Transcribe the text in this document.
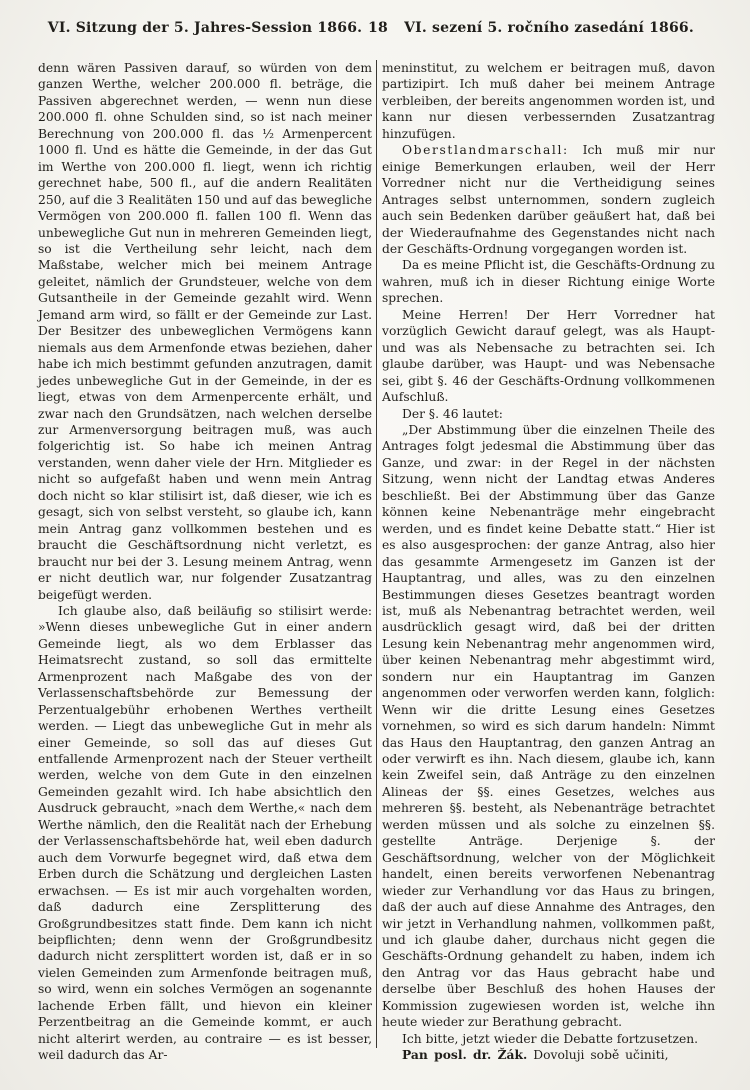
VI. Sitzung der 5. Jahres-Session 1866. 18	VI. sezení 5. ročního zasedání 1866.

denn wären Passiven darauf, so würden von dem ganzen Werthe, welcher 200.000 fl. beträge, die Passiven abgerechnet werden, — wenn nun diese 200.000 fl. ohne Schulden sind, so ist nach meiner Berechnung von 200.000 fl. das ½ Armenpercent 1000 fl. Und es hätte die Gemeinde, in der das Gut im Werthe von 200.000 fl. liegt, wenn ich richtig gerechnet habe, 500 fl., auf die andern Realitäten 250, auf die 3 Realitäten 150 und auf das bewegliche Vermögen von 200.000 fl. fallen 100 fl. Wenn das unbewegliche Gut nun in mehreren Gemeinden liegt, so ist die Vertheilung sehr leicht, nach dem Maßstabe, welcher mich bei meinem Antrage geleitet, nämlich der Grundsteuer, welche von dem Gutsantheile in der Gemeinde gezahlt wird. Wenn Jemand arm wird, so fällt er der Gemeinde zur Last. Der Besitzer des unbeweglichen Vermögens kann niemals aus dem Armenfonde etwas beziehen, daher habe ich mich bestimmt gefunden anzutragen, damit jedes unbewegliche Gut in der Gemeinde, in der es liegt, etwas von dem Armenpercente erhält, und zwar nach den Grundsätzen, nach welchen derselbe zur Armenversorgung beitragen muß, was auch folgerichtig ist. So habe ich meinen Antrag verstanden, wenn daher viele der Hrn. Mitglieder es nicht so aufgefaßt haben und wenn mein Antrag doch nicht so klar stilisirt ist, daß dieser, wie ich es gesagt, sich von selbst versteht, so glaube ich, kann mein Antrag ganz vollkommen bestehen und es braucht die Geschäftsordnung nicht verletzt, es braucht nur bei der 3. Lesung meinem Antrag, wenn er nicht deutlich war, nur folgender Zusatzantrag beigefügt werden.

Ich glaube also, daß beiläufig so stilisirt werde: »Wenn dieses unbewegliche Gut in einer andern Gemeinde liegt, als wo dem Erblasser das Heimatsrecht zustand, so soll das ermittelte Armenprozent nach Maßgabe des von der Verlassenschaftsbehörde zur Bemessung der Perzentualgebühr erhobenen Werthes vertheilt werden. — Liegt das unbewegliche Gut in mehr als einer Gemeinde, so soll das auf dieses Gut entfallende Armenprozent nach der Steuer vertheilt werden, welche von dem Gute in den einzelnen Gemeinden gezahlt wird. Ich habe absichtlich den Ausdruck gebraucht, »nach dem Werthe,« nach dem Werthe nämlich, den die Realität nach der Erhebung der Verlassenschaftsbehörde hat, weil eben dadurch auch dem Vorwurfe begegnet wird, daß etwa dem Erben durch die Schätzung und dergleichen Lasten erwachsen. — Es ist mir auch vorgehalten worden, daß dadurch eine Zersplitterung des Großgrundbesitzes statt finde. Dem kann ich nicht beipflichten; denn wenn der Großgrundbesitz dadurch nicht zersplittert worden ist, daß er in so vielen Gemeinden zum Armenfonde beitragen muß, so wird, wenn ein solches Vermögen an sogenannte lachende Erben fällt, und hievon ein kleiner Perzentbeitrag an die Gemeinde kommt, er auch nicht alterirt werden, au contraire — es ist besser, weil dadurch das Ar-

meninstitut, zu welchem er beitragen muß, davon partizipirt. Ich muß daher bei meinem Antrage verbleiben, der bereits angenommen worden ist, und kann nur diesen verbessernden Zusatzantrag hinzufügen.

Oberstlandmarschall: Ich muß mir nur einige Bemerkungen erlauben, weil der Herr Vorredner nicht nur die Vertheidigung seines Antrages selbst unternommen, sondern zugleich auch sein Bedenken darüber geäußert hat, daß bei der Wiederaufnahme des Gegenstandes nicht nach der Geschäfts-Ordnung vorgegangen worden ist.

Da es meine Pflicht ist, die Geschäfts-Ordnung zu wahren, muß ich in dieser Richtung einige Worte sprechen.

Meine Herren! Der Herr Vorredner hat vorzüglich Gewicht darauf gelegt, was als Haupt- und was als Nebensache zu betrachten sei. Ich glaube darüber, was Haupt- und was Nebensache sei, gibt §. 46 der Geschäfts-Ordnung vollkommenen Aufschluß.

Der §. 46 lautet:

„Der Abstimmung über die einzelnen Theile des Antrages folgt jedesmal die Abstimmung über das Ganze, und zwar: in der Regel in der nächsten Sitzung, wenn nicht der Landtag etwas Anderes beschließt. Bei der Abstimmung über das Ganze können keine Nebenanträge mehr eingebracht werden, und es findet keine Debatte statt.“ Hier ist es also ausgesprochen: der ganze Antrag, also hier das gesammte Armengesetz im Ganzen ist der Hauptantrag, und alles, was zu den einzelnen Bestimmungen dieses Gesetzes beantragt worden ist, muß als Nebenantrag betrachtet werden, weil ausdrücklich gesagt wird, daß bei der dritten Lesung kein Nebenantrag mehr angenommen wird, über keinen Nebenantrag mehr abgestimmt wird, sondern nur ein Hauptantrag im Ganzen angenommen oder verworfen werden kann, folglich: Wenn wir die dritte Lesung eines Gesetzes vornehmen, so wird es sich darum handeln: Nimmt das Haus den Hauptantrag, den ganzen Antrag an oder verwirft es ihn. Nach diesem, glaube ich, kann kein Zweifel sein, daß Anträge zu den einzelnen Alineas der §§. eines Gesetzes, welches aus mehreren §§. besteht, als Nebenanträge betrachtet werden müssen und als solche zu einzelnen §§. gestellte Anträge. Derjenige §. der Geschäftsordnung, welcher von der Möglichkeit handelt, einen bereits verworfenen Nebenantrag wieder zur Verhandlung vor das Haus zu bringen, daß der auch auf diese Annahme des Antrages, den wir jetzt in Verhandlung nahmen, vollkommen paßt, und ich glaube daher, durchaus nicht gegen die Geschäfts-Ordnung gehandelt zu haben, indem ich den Antrag vor das Haus gebracht habe und derselbe über Beschluß des hohen Hauses der Kommission zugewiesen worden ist, welche ihn heute wieder zur Berathung gebracht.

Ich bitte, jetzt wieder die Debatte fortzusetzen.

Pan posl. dr. Žák. Dovoluji sobě učiniti,
